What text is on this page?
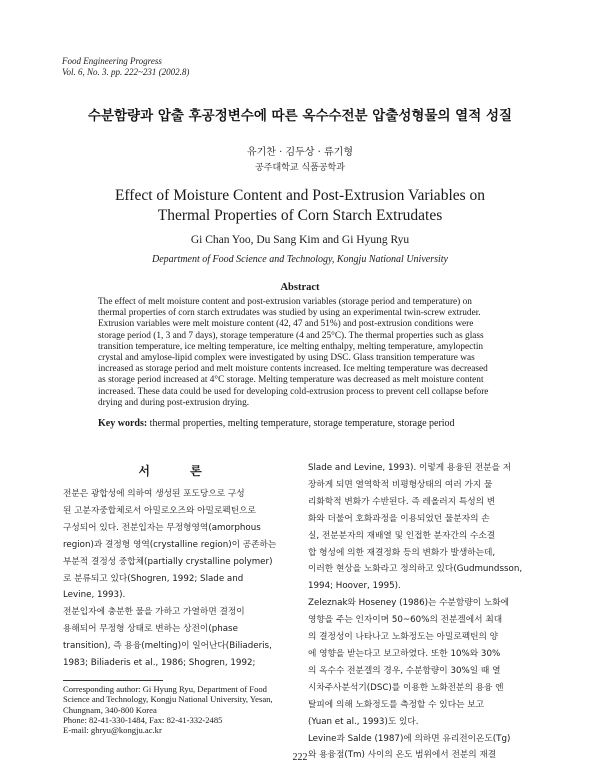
Food Engineering Progress
Vol. 6, No. 3. pp. 222~231 (2002.8)
수분함량과 압출 후공정변수에 따른 옥수수전분 압출성형물의 열적 성질
유기찬 · 김두상 · 류기형
공주대학교 식품공학과
Effect of Moisture Content and Post-Extrusion Variables on
Thermal Properties of Corn Starch Extrudates
Gi Chan Yoo, Du Sang Kim and Gi Hyung Ryu
Department of Food Science and Technology, Kongju National University
Abstract
The effect of melt moisture content and post-extrusion variables (storage period and temperature) on
thermal properties of corn starch extrudates was studied by using an experimental twin-screw extruder.
Extrusion variables were melt moisture content (42, 47 and 51%) and post-extrusion conditions were
storage period (1, 3 and 7 days), storage temperature (4 and 25°C). The thermal properties such as glass
transition temperature, ice melting temperature, ice melting enthalpy, melting temperature, amylopectin
crystal and amylose-lipid complex were investigated by using DSC. Glass transition temperature was
increased as storage period and melt moisture contents increased. Ice melting temperature was decreased
as storage period increased at 4°C storage. Melting temperature was decreased as melt moisture content
increased. These data could be used for developing cold-extrusion process to prevent cell collapse before
drying and during post-extrusion drying.
Key words: thermal properties, melting temperature, storage temperature, storage period
서 론
전분은 광합성에 의하여 생성된 포도당으로 구성
된 고분자중합체로서 아밀로오즈와 아밀로펙틴으로
구성되어 있다. 전분입자는 무정형영역(amorphous
region)과 결정형 영역(crystalline region)이 공존하는
부분적 결정성 중합체(partially crystalline polymer)
로 분류되고 있다(Shogren, 1992; Slade and
Levine, 1993).
전분입자에 충분한 물을 가하고 가열하면 결정이
용해되어 무정형 상태로 변하는 상전이(phase
transition), 즉 용융(melting)이 일어난다(Biliaderis,
1983; Biliaderis et al., 1986; Shogren, 1992;
Slade and Levine, 1993). 이렇게 용융된 전분을 저
장하게 되면 열역학적 비평형상태의 여러 가지 물
리화학적 변화가 수반된다. 즉 레올러지 특성의 변
화와 더불어 호화과정을 이용되었던 물분자의 손
실, 전분분자의 재배열 및 인접한 분자간의 수소결
합 형성에 의한 재결정화 등의 변화가 발생하는데,
이러한 현상을 노화라고 정의하고 있다(Gudmundsson,
1994; Hoover, 1995).
Zeleznak와 Hoseney (1986)는 수분함량이 노화에
영향을 주는 인자이며 50~60%의 전분겔에서 최대
의 결정성이 나타나고 노화정도는 아밀로펙틴의 양
에 영향을 받는다고 보고하였다. 또한 10%와 30%
의 옥수수 전분겔의 경우, 수분함량이 30%일 때 열
시차주사분석기(DSC)를 이용한 노화전분의 용융 엔
탈피에 의해 노화정도를 측정할 수 있다는 보고
(Yuan et al., 1993)도 있다.
Levine과 Salde (1987)에 의하면 유리전이온도(Tg)
와 용융점(Tm) 사이의 온도 범위에서 전분의 재결
Corresponding author: Gi Hyung Ryu, Department of Food
Science and Technology, Kongju National University, Yesan,
Chungnam, 340-800 Korea
Phone: 82-41-330-1484, Fax: 82-41-332-2485
E-mail: ghryu@kongju.ac.kr
222
